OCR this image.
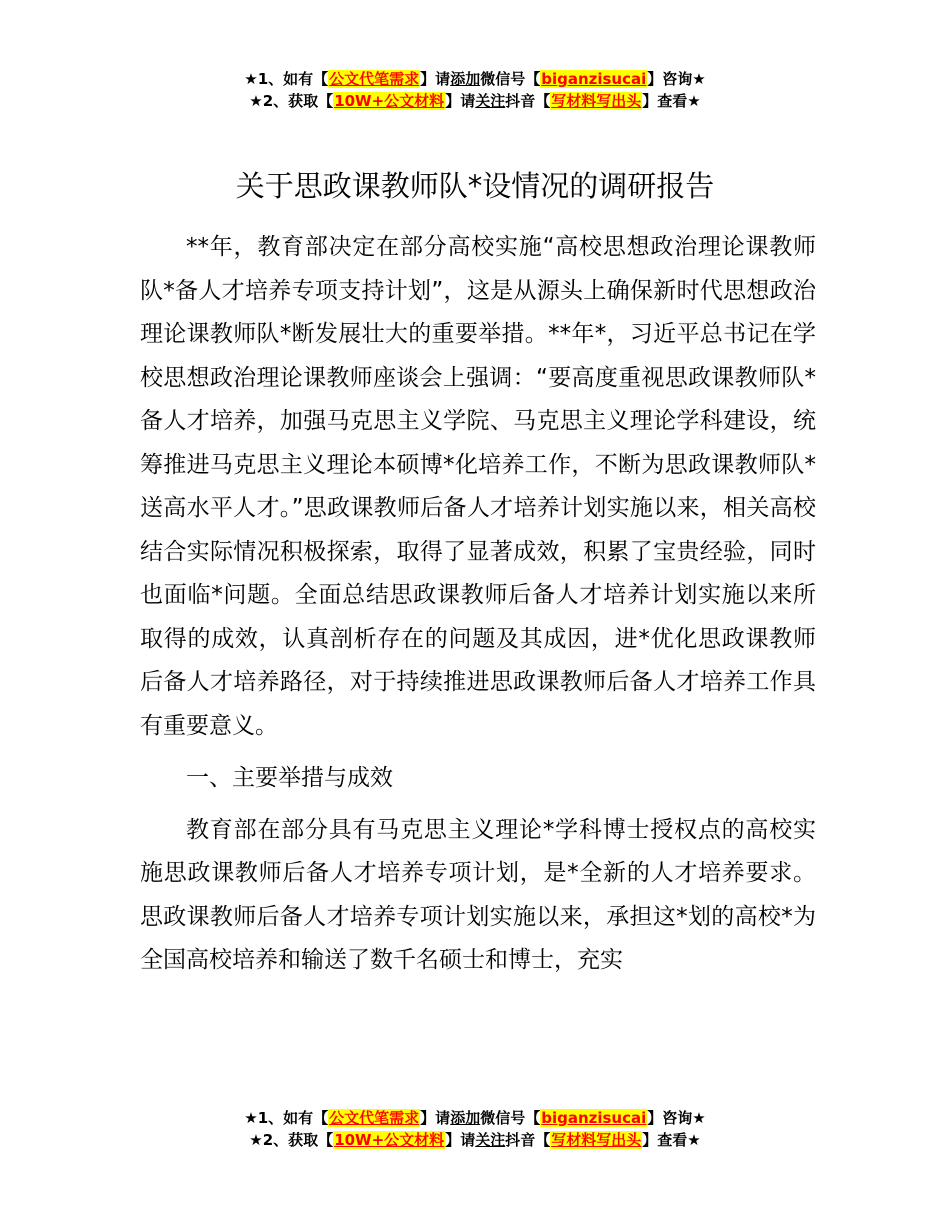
★1、如有【公文代笔需求】请添加微信号【biganzisucai】咨询★
★2、获取【10W+公文材料】请关注抖音【写材料写出头】查看★
关于思政课教师队*设情况的调研报告

**年，教育部决定在部分高校实施“高校思想政治理论课教师队*备人才培养专项支持计划”，这是从源头上确保新时代思想政治理论课教师队*断发展壮大的重要举措。**年*，习近平总书记在学校思想政治理论课教师座谈会上强调：“要高度重视思政课教师队*备人才培养，加强马克思主义学院、马克思主义理论学科建设，统筹推进马克思主义理论本硕博*化培养工作，不断为思政课教师队*送高水平人才。”思政课教师后备人才培养计划实施以来，相关高校结合实际情况积极探索，取得了显著成效，积累了宝贵经验，同时也面临*问题。全面总结思政课教师后备人才培养计划实施以来所取得的成效，认真剖析存在的问题及其成因，进*优化思政课教师后备人才培养路径，对于持续推进思政课教师后备人才培养工作具有重要意义。

一、主要举措与成效

教育部在部分具有马克思主义理论*学科博士授权点的高校实施思政课教师后备人才培养专项计划，是*全新的人才培养要求。思政课教师后备人才培养专项计划实施以来，承担这*划的高校*为全国高校培养和输送了数千名硕士和博士，充实

★1、如有【公文代笔需求】请添加微信号【biganzisucai】咨询★
★2、获取【10W+公文材料】请关注抖音【写材料写出头】查看★
